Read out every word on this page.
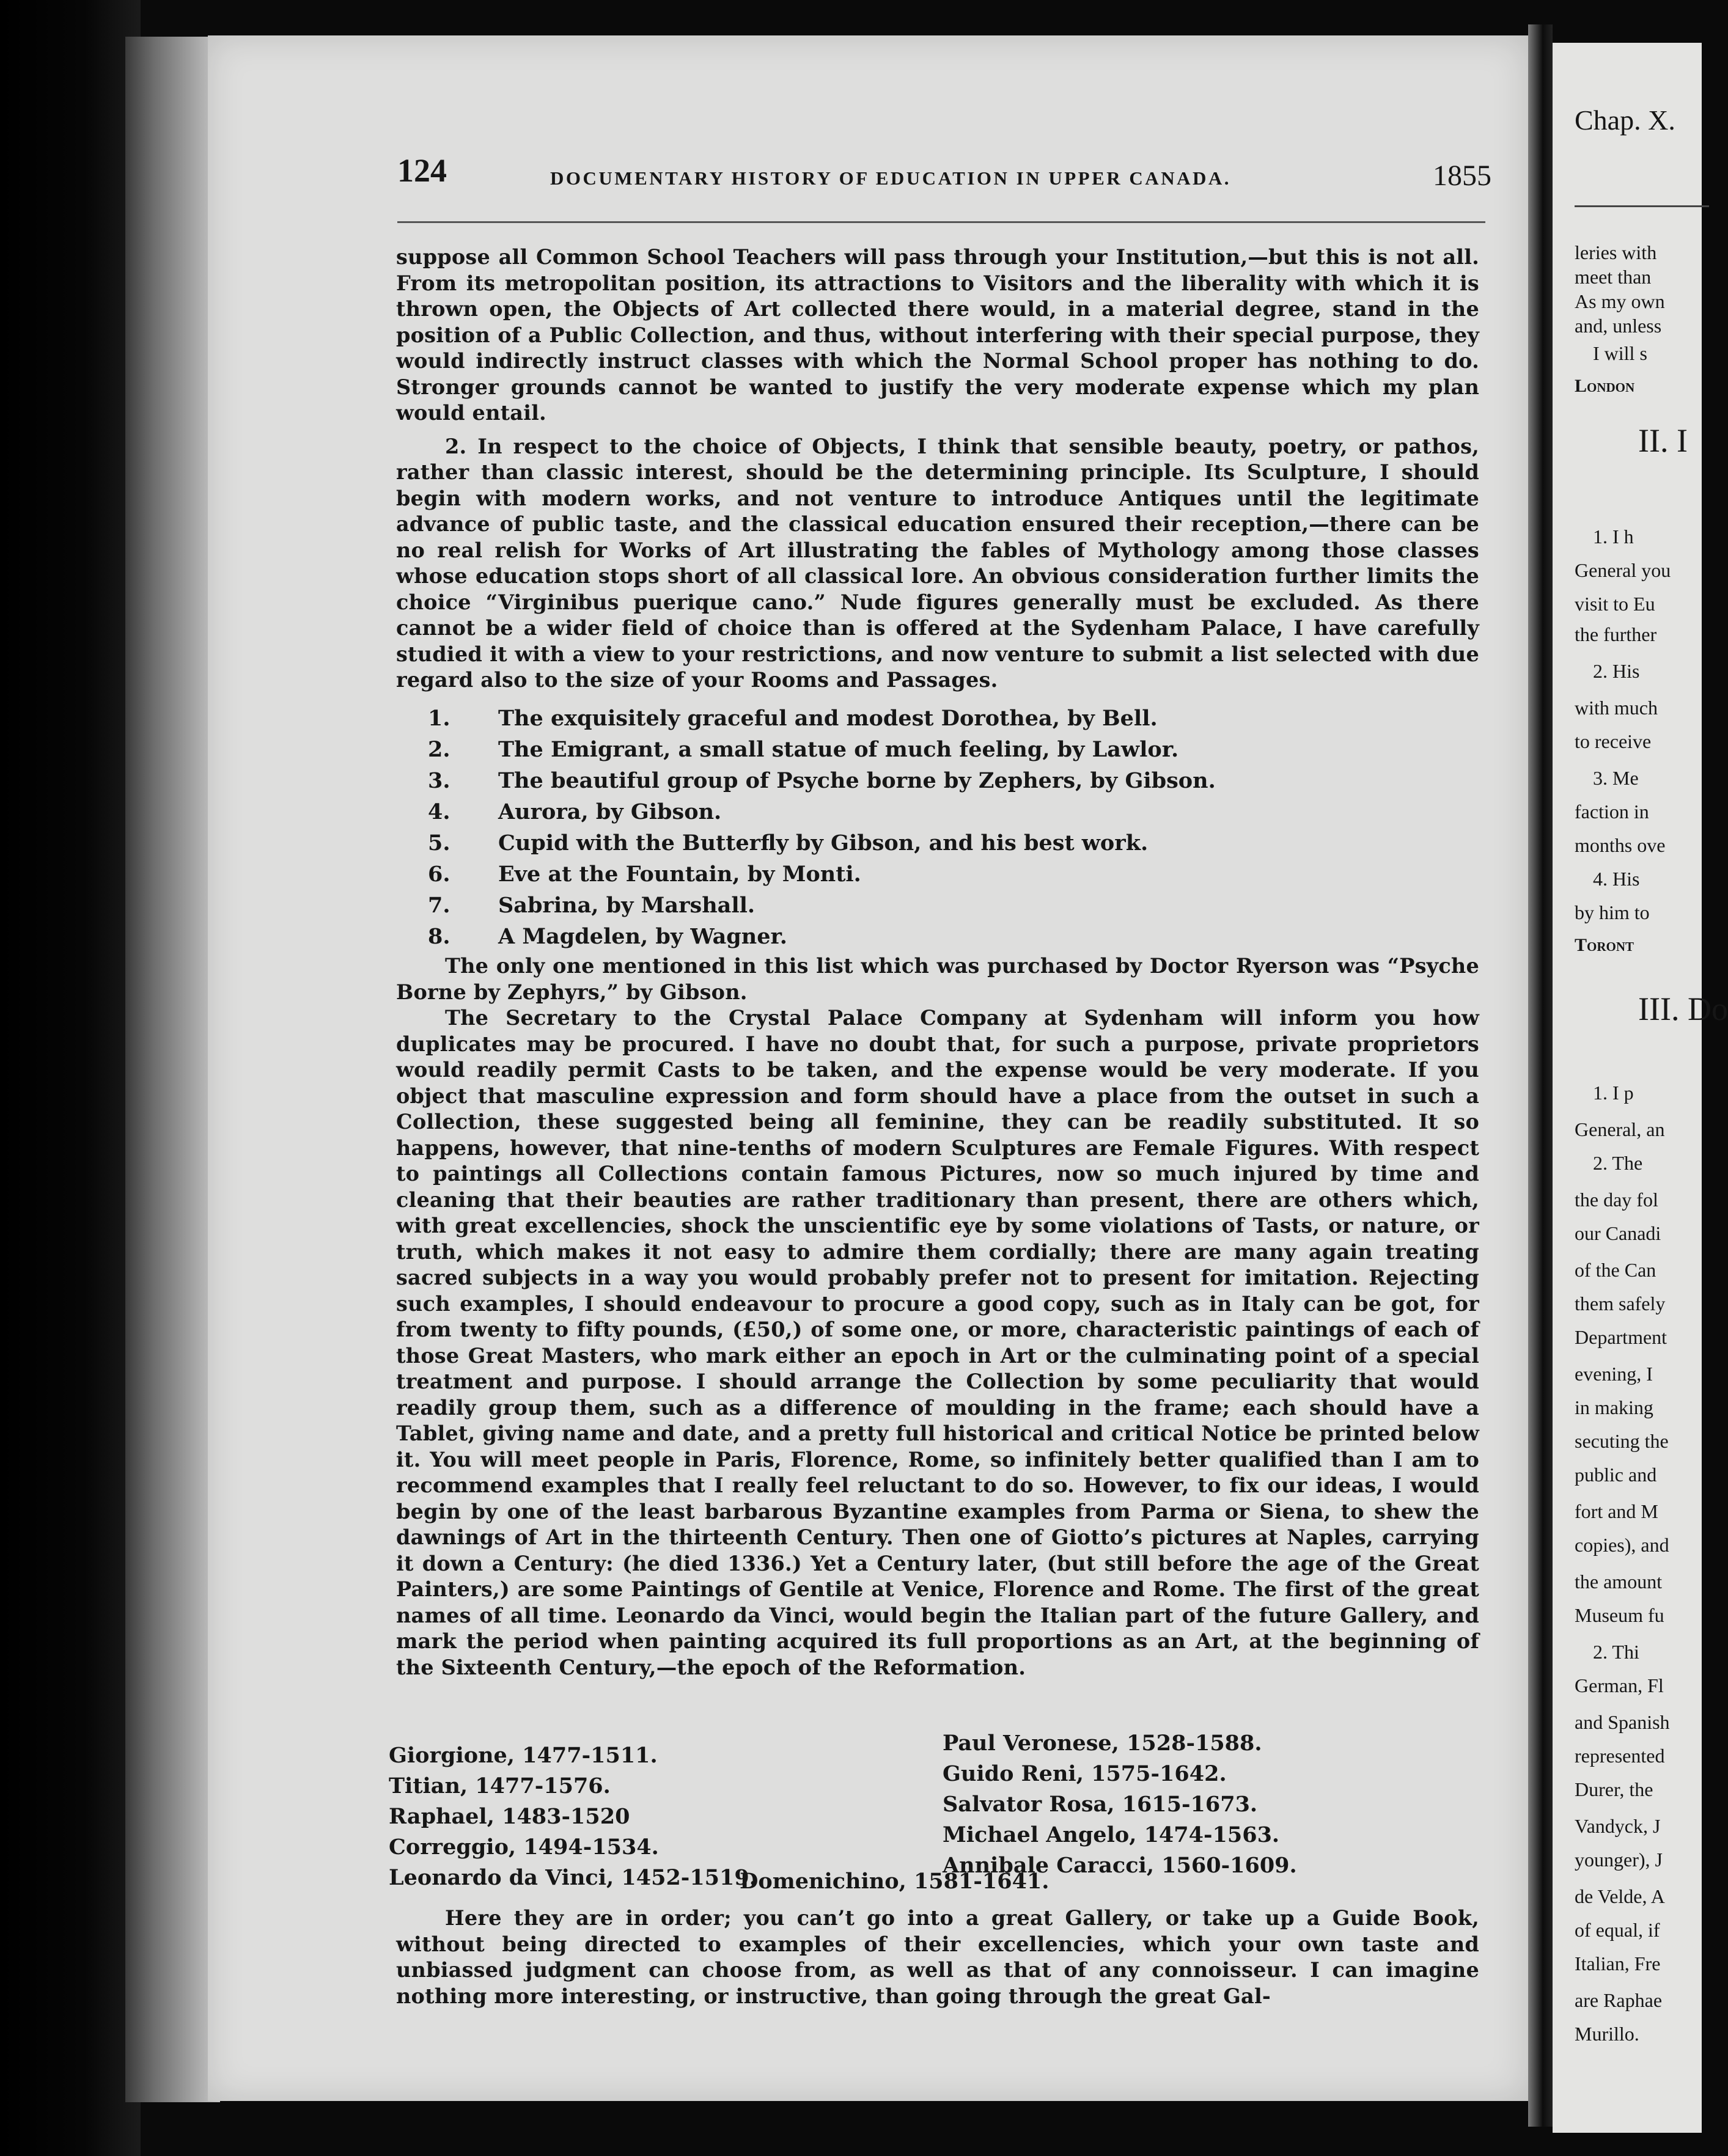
124	DOCUMENTARY HISTORY OF EDUCATION IN UPPER CANADA.	1855

suppose all Common School Teachers will pass through your Institution,—but this is not all. From its metropolitan position, its attractions to Visitors and the liberality with which it is thrown open, the Objects of Art collected there would, in a material degree, stand in the position of a Public Collection, and thus, without interfering with their special purpose, they would indirectly instruct classes with which the Normal School proper has nothing to do. Stronger grounds cannot be wanted to justify the very moderate expense which my plan would entail.

2. In respect to the choice of Objects, I think that sensible beauty, poetry, or pathos, rather than classic interest, should be the determining principle. Its Sculpture, I should begin with modern works, and not venture to introduce Antiques until the legitimate advance of public taste, and the classical education ensured their reception,—there can be no real relish for Works of Art illustrating the fables of Mythology among those classes whose education stops short of all classical lore. An obvious consideration further limits the choice “Virginibus puerique cano.” Nude figures generally must be excluded. As there cannot be a wider field of choice than is offered at the Sydenham Palace, I have carefully studied it with a view to your restrictions, and now venture to submit a list selected with due regard also to the size of your Rooms and Passages.

1. The exquisitely graceful and modest Dorothea, by Bell.
2. The Emigrant, a small statue of much feeling, by Lawlor.
3. The beautiful group of Psyche borne by Zephers, by Gibson.
4. Aurora, by Gibson.
5. Cupid with the Butterfly by Gibson, and his best work.
6. Eve at the Fountain, by Monti.
7. Sabrina, by Marshall.
8. A Magdelen, by Wagner.

The only one mentioned in this list which was purchased by Doctor Ryerson was “Psyche Borne by Zephyrs,” by Gibson.

The Secretary to the Crystal Palace Company at Sydenham will inform you how duplicates may be procured. I have no doubt that, for such a purpose, private proprietors would readily permit Casts to be taken, and the expense would be very moderate. If you object that masculine expression and form should have a place from the outset in such a Collection, these suggested being all feminine, they can be readily substituted. It so happens, however, that nine-tenths of modern Sculptures are Female Figures. With respect to paintings all Collections contain famous Pictures, now so much injured by time and cleaning that their beauties are rather traditionary than present, there are others which, with great excellencies, shock the unscientific eye by some violations of Tasts, or nature, or truth, which makes it not easy to admire them cordially; there are many again treating sacred subjects in a way you would probably prefer not to present for imitation. Rejecting such examples, I should endeavour to procure a good copy, such as in Italy can be got, for from twenty to fifty pounds, (£50,) of some one, or more, characteristic paintings of each of those Great Masters, who mark either an epoch in Art or the culminating point of a special treatment and purpose. I should arrange the Collection by some peculiarity that would readily group them, such as a difference of moulding in the frame; each should have a Tablet, giving name and date, and a pretty full historical and critical Notice be printed below it. You will meet people in Paris, Florence, Rome, so infinitely better qualified than I am to recommend examples that I really feel reluctant to do so. However, to fix our ideas, I would begin by one of the least barbarous Byzantine examples from Parma or Siena, to shew the dawnings of Art in the thirteenth Century. Then one of Giotto’s pictures at Naples, carrying it down a Century: (he died 1336.) Yet a Century later, (but still before the age of the Great Painters,) are some Paintings of Gentile at Venice, Florence and Rome. The first of the great names of all time. Leonardo da Vinci, would begin the Italian part of the future Gallery, and mark the period when painting acquired its full proportions as an Art, at the beginning of the Sixteenth Century,—the epoch of the Reformation.

Giorgione, 1477-1511.
Titian, 1477-1576.
Raphael, 1483-1520
Correggio, 1494-1534.
Leonardo da Vinci, 1452-1519.
Paul Veronese, 1528-1588.
Guido Reni, 1575-1642.
Salvator Rosa, 1615-1673.
Michael Angelo, 1474-1563.
Annibale Caracci, 1560-1609.
Domenichino, 1581-1641.

Here they are in order; you can’t go into a great Gallery, or take up a Guide Book, without being directed to examples of their excellencies, which your own taste and unbiassed judgment can choose from, as well as that of any connoisseur. I can imagine nothing more interesting, or instructive, than going through the great Gal-

Chap. X.
leries with
meet than
As my own
and, unless
I will s
London
II. I
1. I h
General you
visit to Eu
the further
2. His
with much
to receive
3. Me
faction in
months ove
4. His
by him to
Toront
III. Do
1. I p
General, an
2. The
the day fol
our Canadi
of the Can
them safely
Department
evening, I
in making
secuting the
public and
fort and M
copies), and
the amount
Museum fu
2. Thi
German, Fl
and Spanish
represented
Durer, the
Vandyck, J
younger), J
de Velde, A
of equal, if
Italian, Fre
are Raphae
Murillo.
